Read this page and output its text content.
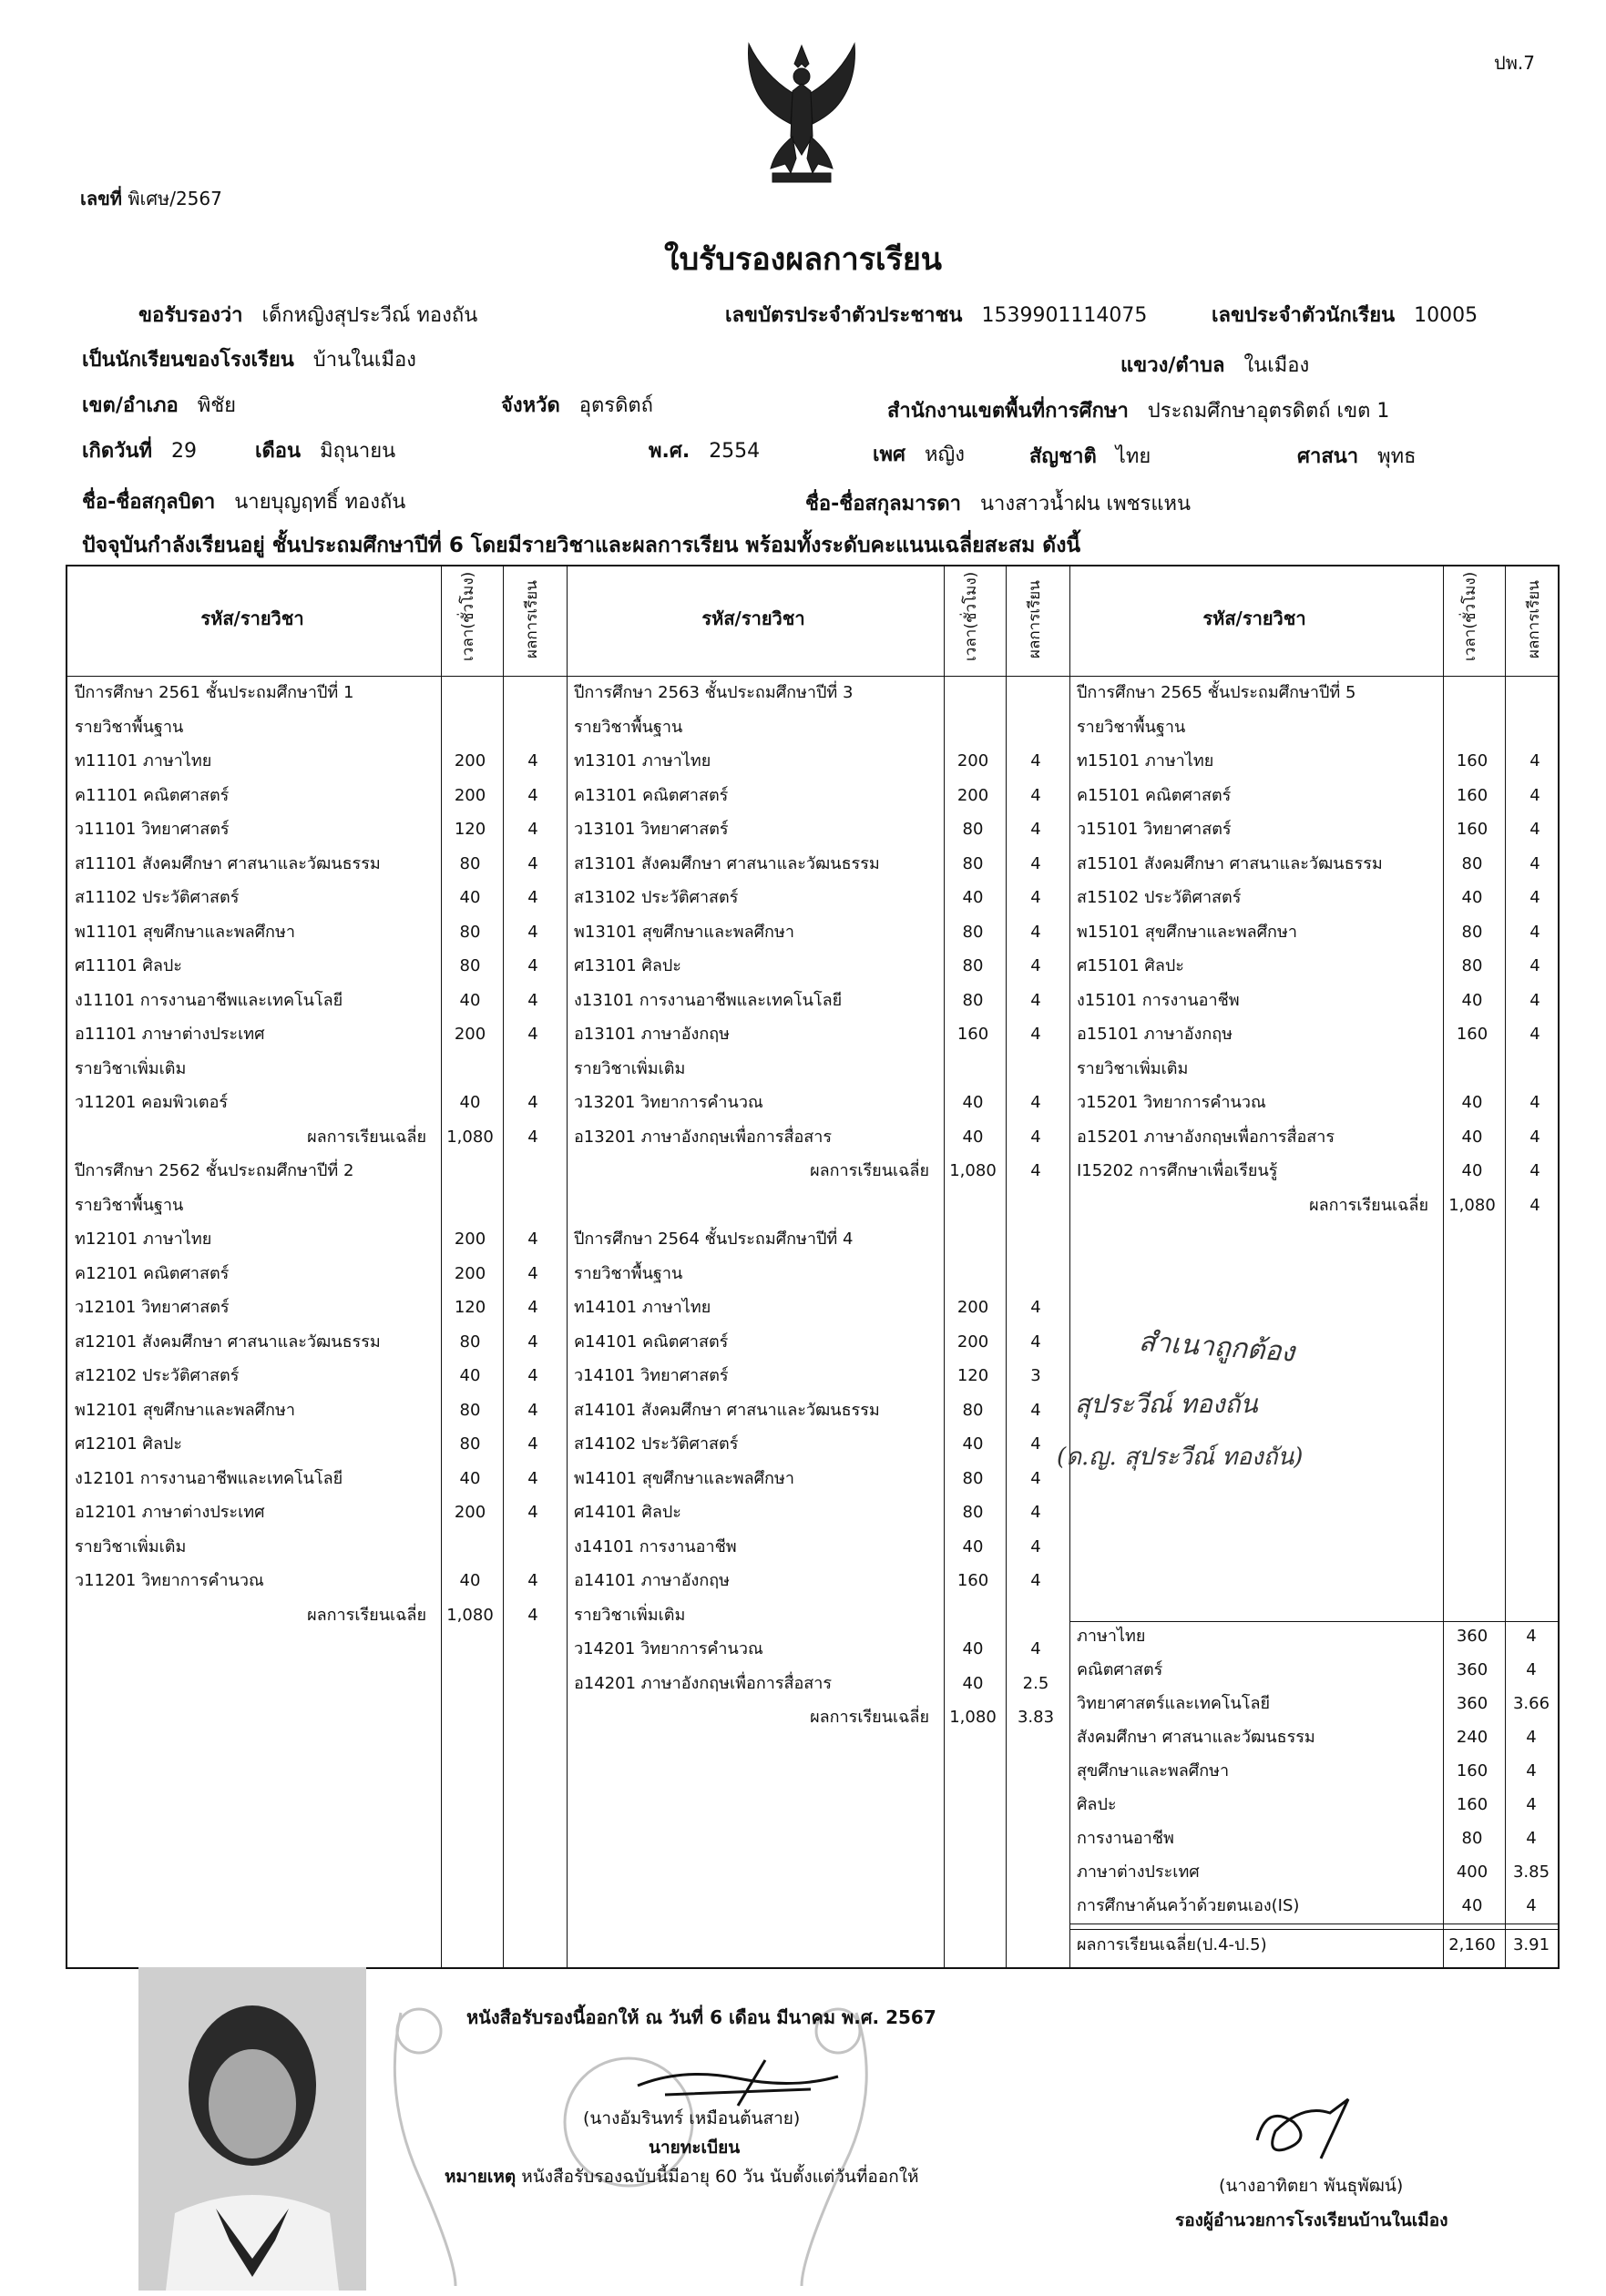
ปพ.7
เลขที่ พิเศษ/2567
ใบรับรองผลการเรียน
ขอรับรองว่า เด็กหญิงสุประวีณ์ ทองถัน	เลขบัตรประจำตัวประชาชน 1539901114075	เลขประจำตัวนักเรียน 10005
เป็นนักเรียนของโรงเรียน บ้านในเมือง	แขวง/ตำบล ในเมือง
เขต/อำเภอ พิชัย	จังหวัด อุตรดิตถ์	สำนักงานเขตพื้นที่การศึกษา ประถมศึกษาอุตรดิตถ์ เขต 1
เกิดวันที่ 29	เดือน มิถุนายน	พ.ศ. 2554	เพศ หญิง	สัญชาติ ไทย	ศาสนา พุทธ
ชื่อ-ชื่อสกุลบิดา นายบุญฤทธิ์ ทองถัน	ชื่อ-ชื่อสกุลมารดา นางสาวน้ำฝน เพชรแหน
ปัจจุบันกำลังเรียนอยู่ ชั้นประถมศึกษาปีที่ 6 โดยมีรายวิชาและผลการเรียน พร้อมทั้งระดับคะแนนเฉลี่ยสะสม ดังนี้
รหัส/รายวิชา	เวลา(ชั่วโมง)	ผลการเรียน	รหัส/รายวิชา	เวลา(ชั่วโมง)	ผลการเรียน	รหัส/รายวิชา	เวลา(ชั่วโมง)	ผลการเรียน
ปีการศึกษา 2561 ชั้นประถมศึกษาปีที่ 1
รายวิชาพื้นฐาน
ท11101 ภาษาไทย	200	4
ค11101 คณิตศาสตร์	200	4
ว11101 วิทยาศาสตร์	120	4
ส11101 สังคมศึกษา ศาสนาและวัฒนธรรม	80	4
ส11102 ประวัติศาสตร์	40	4
พ11101 สุขศึกษาและพลศึกษา	80	4
ศ11101 ศิลปะ	80	4
ง11101 การงานอาชีพและเทคโนโลยี	40	4
อ11101 ภาษาต่างประเทศ	200	4
รายวิชาเพิ่มเติม
ว11201 คอมพิวเตอร์	40	4
ผลการเรียนเฉลี่ย	1,080	4
ปีการศึกษา 2562 ชั้นประถมศึกษาปีที่ 2
รายวิชาพื้นฐาน
ท12101 ภาษาไทย	200	4
ค12101 คณิตศาสตร์	200	4
ว12101 วิทยาศาสตร์	120	4
ส12101 สังคมศึกษา ศาสนาและวัฒนธรรม	80	4
ส12102 ประวัติศาสตร์	40	4
พ12101 สุขศึกษาและพลศึกษา	80	4
ศ12101 ศิลปะ	80	4
ง12101 การงานอาชีพและเทคโนโลยี	40	4
อ12101 ภาษาต่างประเทศ	200	4
รายวิชาเพิ่มเติม
ว11201 วิทยาการคำนวณ	40	4
ผลการเรียนเฉลี่ย	1,080	4
ปีการศึกษา 2563 ชั้นประถมศึกษาปีที่ 3
รายวิชาพื้นฐาน
ท13101 ภาษาไทย	200	4
ค13101 คณิตศาสตร์	200	4
ว13101 วิทยาศาสตร์	80	4
ส13101 สังคมศึกษา ศาสนาและวัฒนธรรม	80	4
ส13102 ประวัติศาสตร์	40	4
พ13101 สุขศึกษาและพลศึกษา	80	4
ศ13101 ศิลปะ	80	4
ง13101 การงานอาชีพและเทคโนโลยี	80	4
อ13101 ภาษาอังกฤษ	160	4
รายวิชาเพิ่มเติม
ว13201 วิทยาการคำนวณ	40	4
อ13201 ภาษาอังกฤษเพื่อการสื่อสาร	40	4
ผลการเรียนเฉลี่ย	1,080	4
ปีการศึกษา 2564 ชั้นประถมศึกษาปีที่ 4
รายวิชาพื้นฐาน
ท14101 ภาษาไทย	200	4
ค14101 คณิตศาสตร์	200	4
ว14101 วิทยาศาสตร์	120	3
ส14101 สังคมศึกษา ศาสนาและวัฒนธรรม	80	4
ส14102 ประวัติศาสตร์	40	4
พ14101 สุขศึกษาและพลศึกษา	80	4
ศ14101 ศิลปะ	80	4
ง14101 การงานอาชีพ	40	4
อ14101 ภาษาอังกฤษ	160	4
รายวิชาเพิ่มเติม
ว14201 วิทยาการคำนวณ	40	4
อ14201 ภาษาอังกฤษเพื่อการสื่อสาร	40	2.5
ผลการเรียนเฉลี่ย	1,080	3.83
ปีการศึกษา 2565 ชั้นประถมศึกษาปีที่ 5
รายวิชาพื้นฐาน
ท15101 ภาษาไทย	160	4
ค15101 คณิตศาสตร์	160	4
ว15101 วิทยาศาสตร์	160	4
ส15101 สังคมศึกษา ศาสนาและวัฒนธรรม	80	4
ส15102 ประวัติศาสตร์	40	4
พ15101 สุขศึกษาและพลศึกษา	80	4
ศ15101 ศิลปะ	80	4
ง15101 การงานอาชีพ	40	4
อ15101 ภาษาอังกฤษ	160	4
รายวิชาเพิ่มเติม
ว15201 วิทยาการคำนวณ	40	4
อ15201 ภาษาอังกฤษเพื่อการสื่อสาร	40	4
I15202 การศึกษาเพื่อเรียนรู้	40	4
ผลการเรียนเฉลี่ย	1,080	4
ภาษาไทย	360	4
คณิตศาสตร์	360	4
วิทยาศาสตร์และเทคโนโลยี	360	3.66
สังคมศึกษา ศาสนาและวัฒนธรรม	240	4
สุขศึกษาและพลศึกษา	160	4
ศิลปะ	160	4
การงานอาชีพ	80	4
ภาษาต่างประเทศ	400	3.85
การศึกษาค้นคว้าด้วยตนเอง(IS)	40	4
ผลการเรียนเฉลี่ย(ป.4-ป.5)	2,160	3.91
สำเนาถูกต้อง
สุประวีณ์ ทองถัน
(ด.ญ. สุประวีณ์ ทองถัน)
หนังสือรับรองนี้ออกให้ ณ วันที่ 6 เดือน มีนาคม พ.ศ. 2567
(นางอัมรินทร์ เหมือนต้นสาย)
นายทะเบียน
หมายเหตุ หนังสือรับรองฉบับนี้มีอายุ 60 วัน นับตั้งแต่วันที่ออกให้	(นางอาทิตยา พันธุพัฒน์)
รองผู้อำนวยการโรงเรียนบ้านในเมือง
